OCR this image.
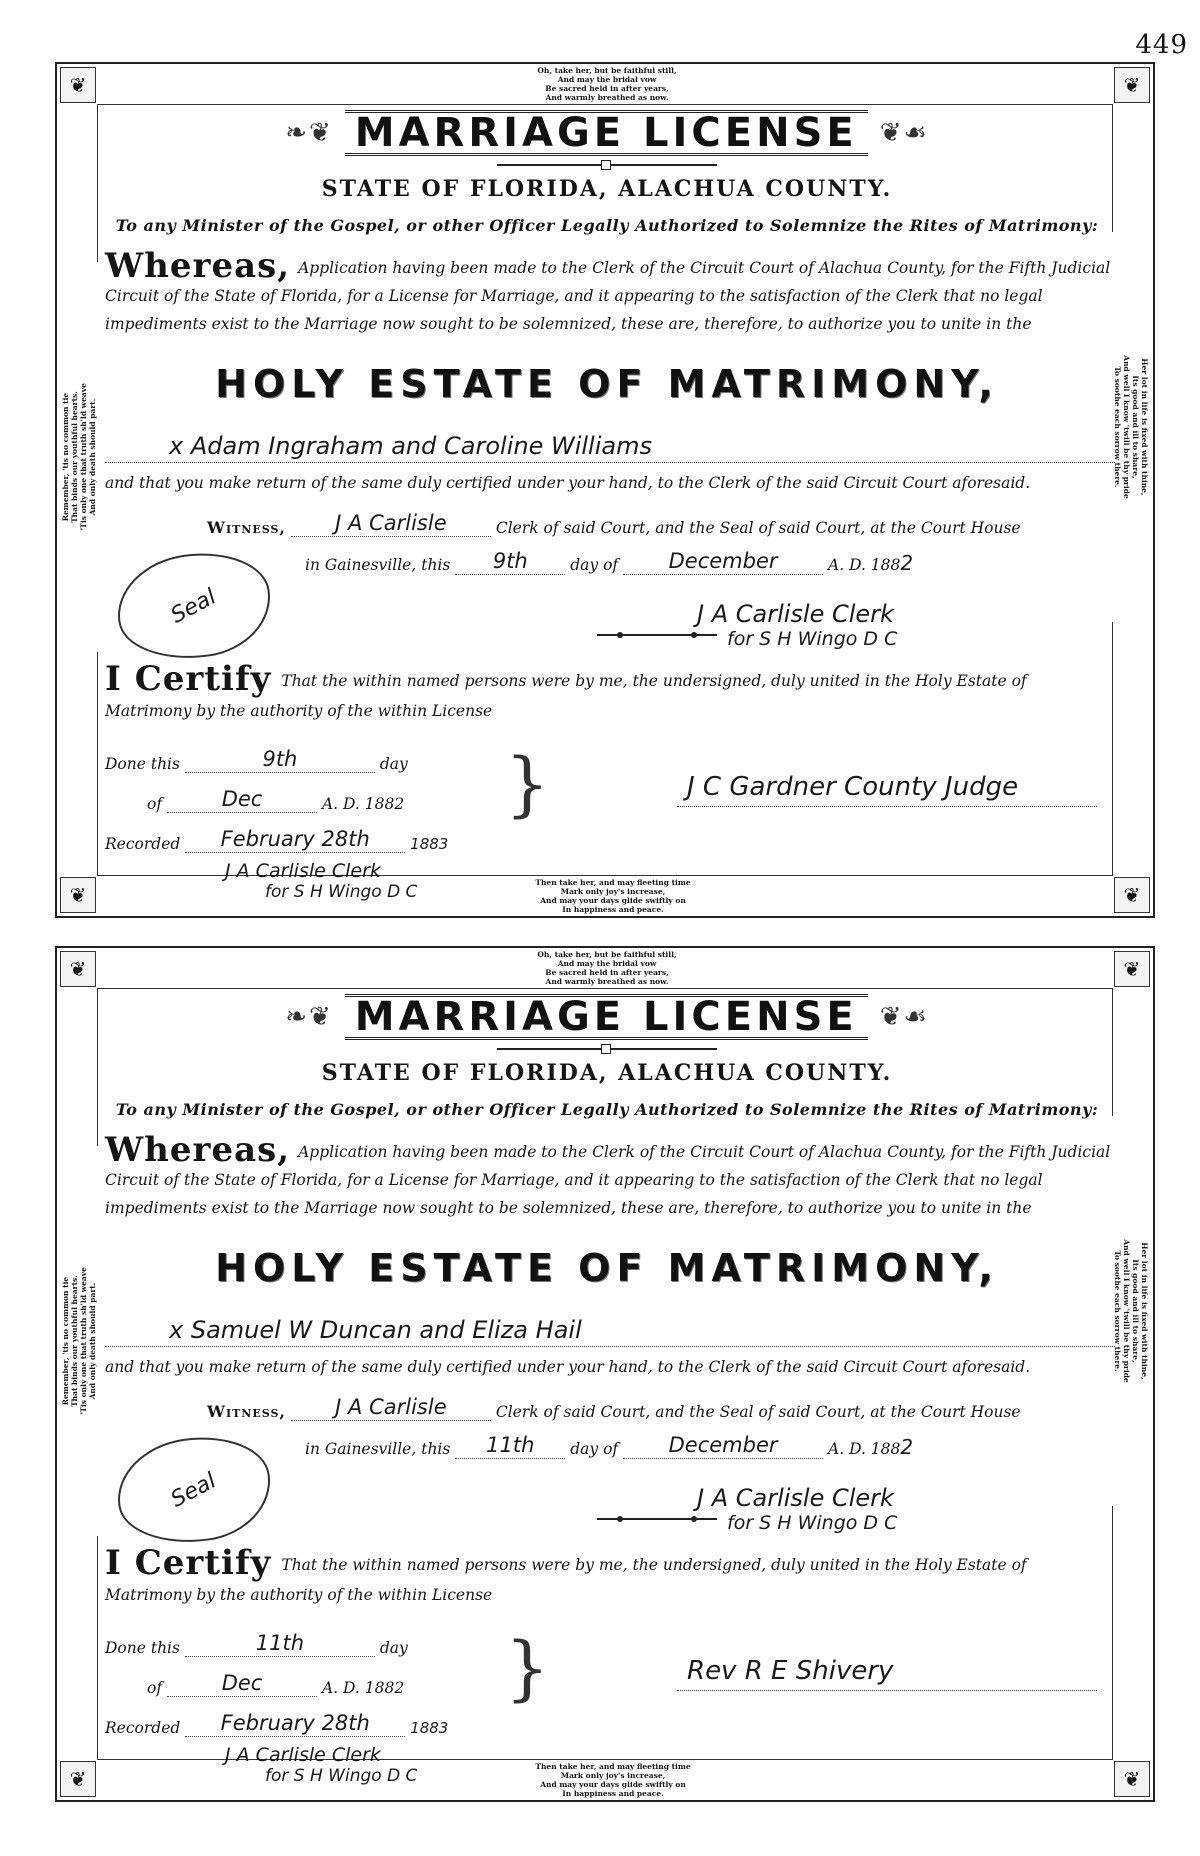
449
❦	❦
❦	❦
Oh, take her, but be faithful still,
And may the bridal vow
Be sacred held in after years,
And warmly breathed as now.
Then take her, and may fleeting time
Mark only joy's increase,
And may your days glide swiftly on
In happiness and peace.
Remember, 'tis no common tie That binds our youthful hearts. 'Tis only one that truth sh'ld weave And only death should part.	Her lot in life is fixed with thine,
Its good and ill to share,
And well I know 'twill be thy pride
To soothe each sorrow there.
❧❦ MARRIAGE LICENSE ❦☙
STATE OF FLORIDA, ALACHUA COUNTY.
To any Minister of the Gospel, or other Officer Legally Authorized to Solemnize the Rites of Matrimony:
Whereas, Application having been made to the Clerk of the Circuit Court of Alachua County, for the Fifth Judicial Circuit of the State of Florida, for a License for Marriage, and it appearing to the satisfaction of the Clerk that no legal impediments exist to the Marriage now sought to be solemnized, these are, therefore, to authorize you to unite in the
HOLY ESTATE OF MATRIMONY,
x Adam Ingraham and Caroline Williams
and that you make return of the same duly certified under your hand, to the Clerk of the said Circuit Court aforesaid.
Witness, J A Carlisle	Clerk of said Court, and the Seal of said Court, at the Court House
in Gainesville, this 9th	day of December	A. D. 1882
Seal	J A Carlisle Clerk
for S H Wingo D C
I Certify That the within named persons were by me, the undersigned, duly united in the Holy Estate of Matrimony by the authority of the within License
Done this	9th	day
of	Dec	A. D. 1882	}
Recorded February 28th	1883
J C Gardner County Judge
J A Carlisle Clerk
for S H Wingo D C
❦	❦
❦	❦
Oh, take her, but be faithful still,
And may the bridal vow
Be sacred held in after years,
And warmly breathed as now.
Then take her, and may fleeting time
Mark only joy's increase,
And may your days glide swiftly on
In happiness and peace.
Remember, 'tis no common tie That binds our youthful hearts. 'Tis only one that truth sh'ld weave And only death should part.	Her lot in life is fixed with thine,
Its good and ill to share,
And well I know 'twill be thy pride
To soothe each sorrow there.
❧❦ MARRIAGE LICENSE ❦☙
STATE OF FLORIDA, ALACHUA COUNTY.
To any Minister of the Gospel, or other Officer Legally Authorized to Solemnize the Rites of Matrimony:
Whereas, Application having been made to the Clerk of the Circuit Court of Alachua County, for the Fifth Judicial Circuit of the State of Florida, for a License for Marriage, and it appearing to the satisfaction of the Clerk that no legal impediments exist to the Marriage now sought to be solemnized, these are, therefore, to authorize you to unite in the
HOLY ESTATE OF MATRIMONY,
x Samuel W Duncan and Eliza Hail
and that you make return of the same duly certified under your hand, to the Clerk of the said Circuit Court aforesaid.
Witness, J A Carlisle	Clerk of said Court, and the Seal of said Court, at the Court House
in Gainesville, this 11th day of December	A. D. 1882
Seal	J A Carlisle Clerk
for S H Wingo D C
I Certify That the within named persons were by me, the undersigned, duly united in the Holy Estate of Matrimony by the authority of the within License
Done this	11th	day
of	Dec	A. D. 1882	}
Recorded February 28th	1883
Rev R E Shivery
J A Carlisle Clerk
for S H Wingo D C
